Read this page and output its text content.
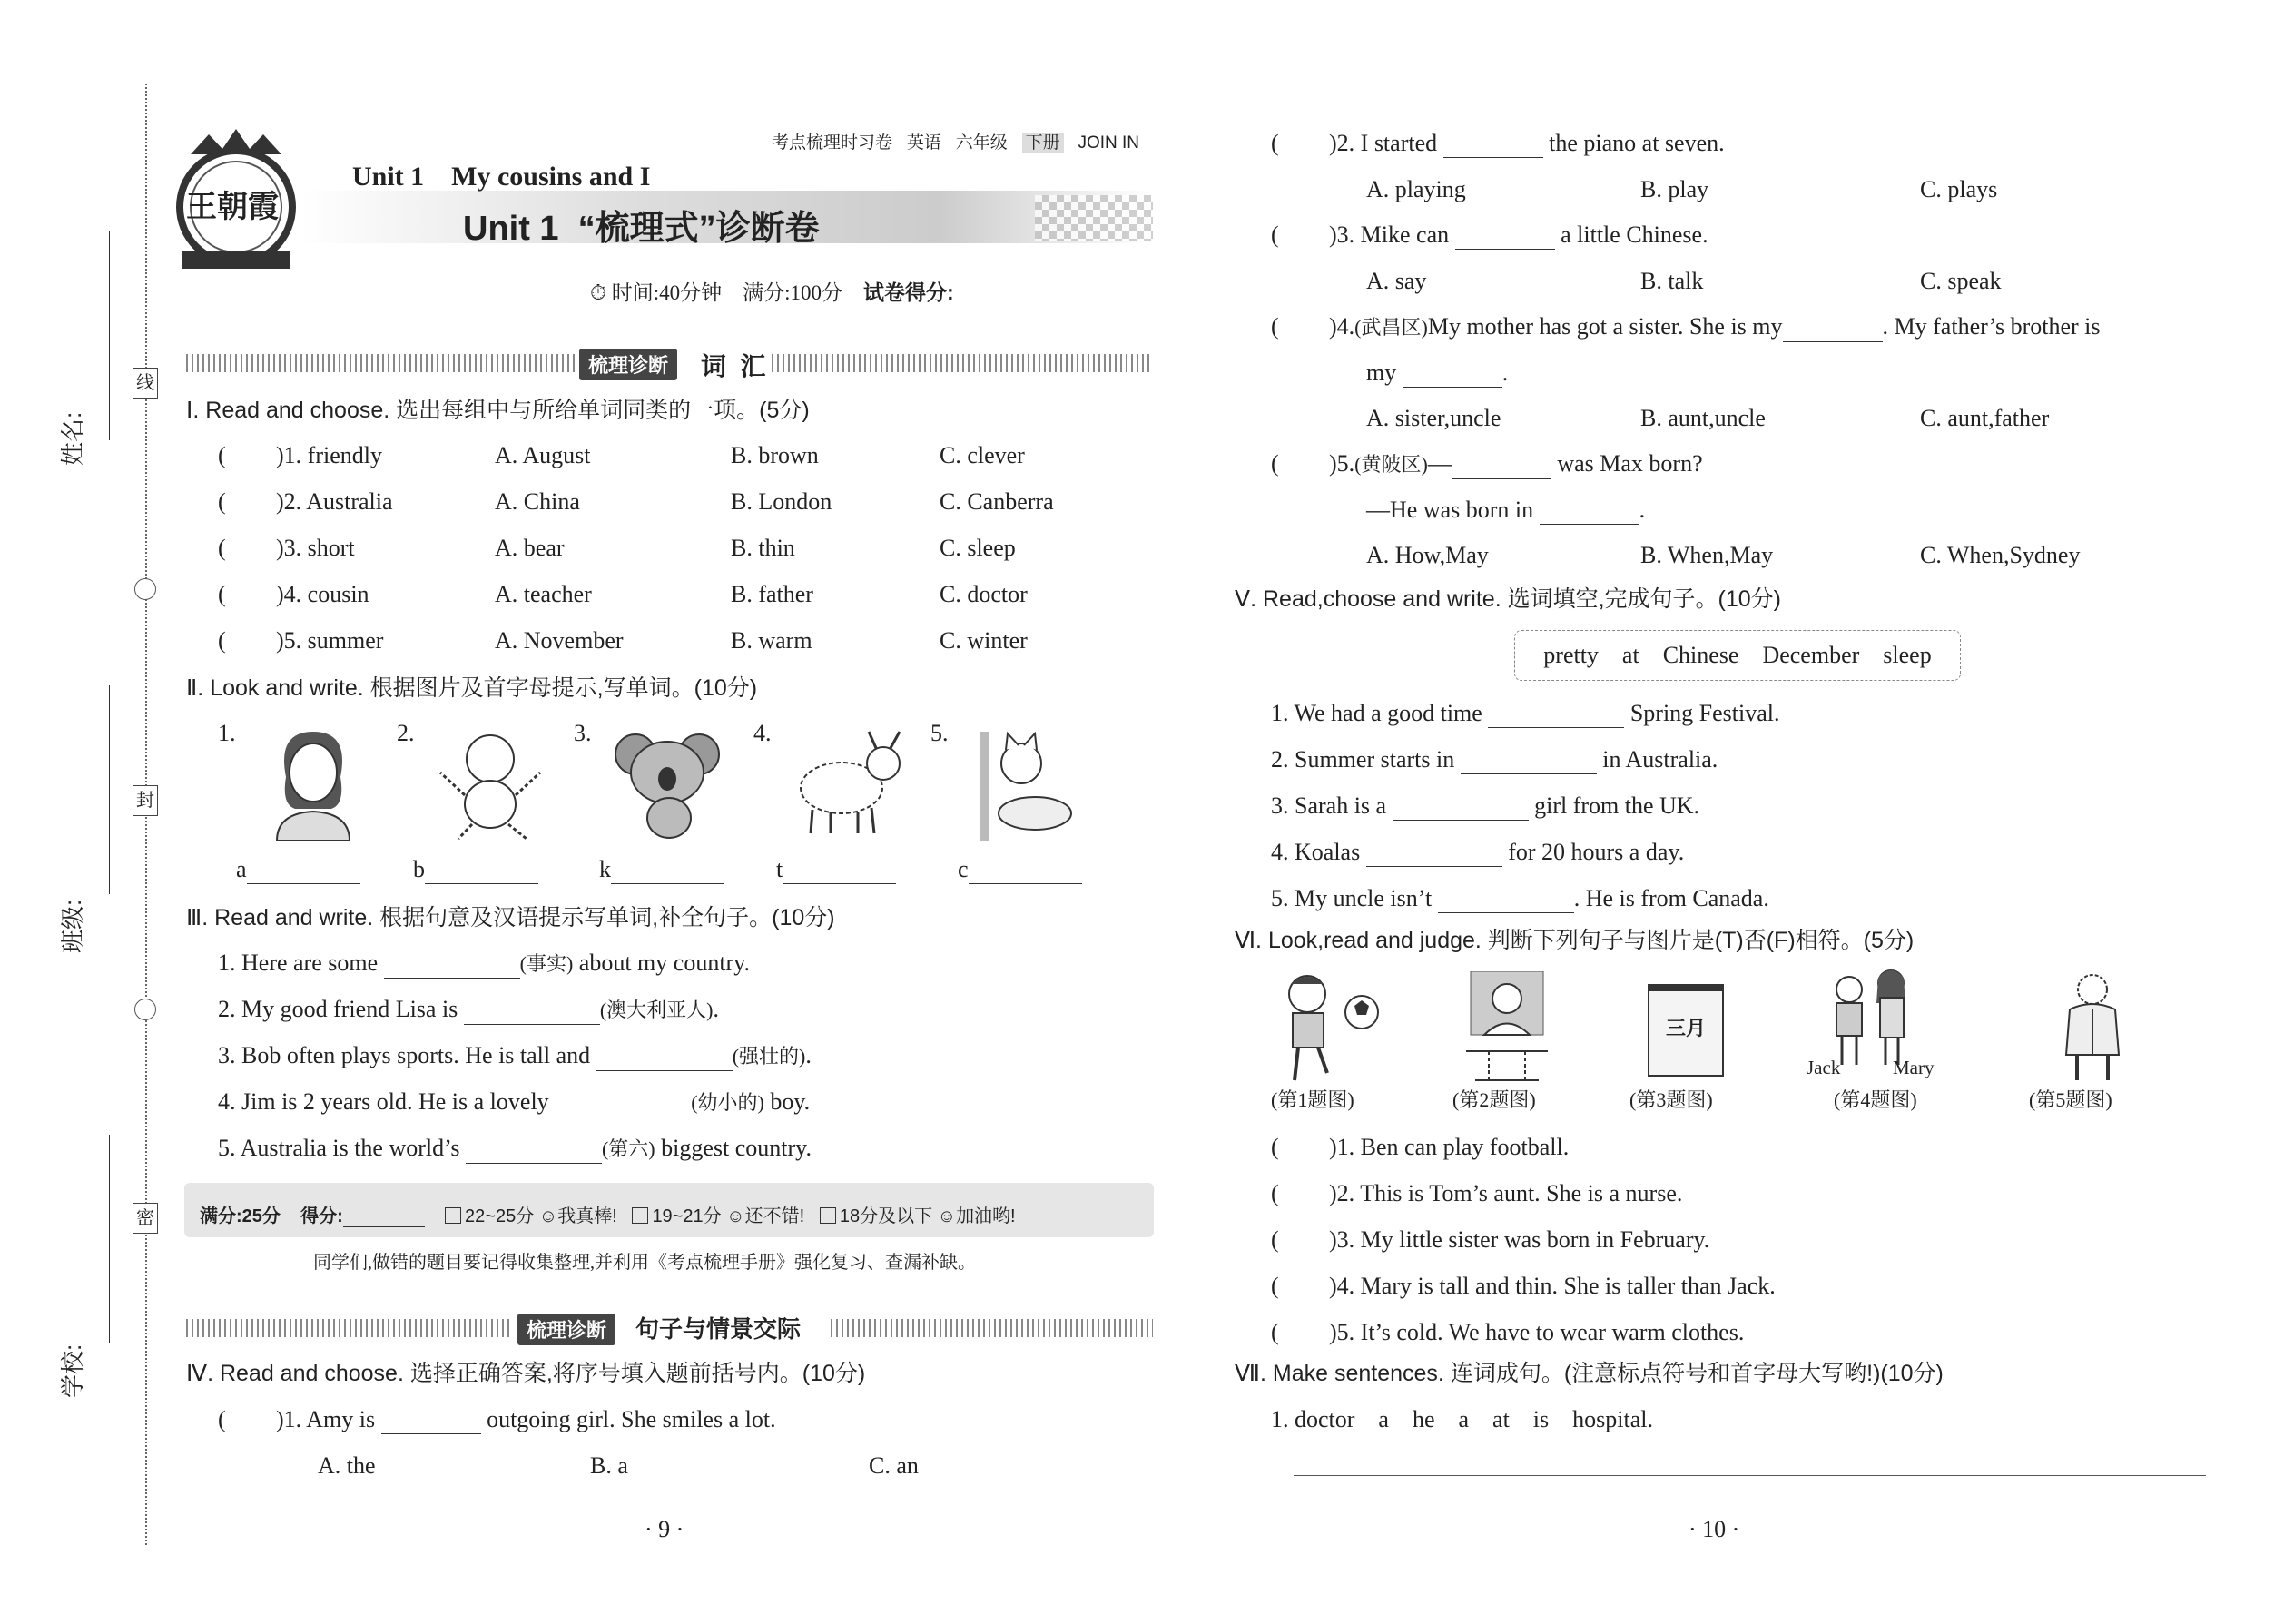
线
封
密
姓名:
班级:
学校:
王朝霞
考点梳理时习卷 英语 六年级 下册 JOIN IN
Unit 1    My cousins and I
Unit 1  “梳理式”诊断卷
⏱ 时间:40分钟 满分:100分 试卷得分:
梳理诊断	词  汇
Ⅰ. Read and choose. 选出每组中与所给单词同类的一项。(5分)
( )1. friendly	A. August	B. brown	C. clever
( )2. Australia	A. China	B. London	C. Canberra
( )3. short	A. bear	B. thin	C. sleep
( )4. cousin	A. teacher	B. father	C. doctor
( )5. summer	A. November	B. warm	C. winter
Ⅱ. Look and write. 根据图片及首字母提示,写单词。(10分)
1.	2.	3.	4.	5.
a	b	k	t	c
Ⅲ. Read and write. 根据句意及汉语提示写单词,补全句子。(10分)
1. Here are some	(事实) about my country.
2. My good friend Lisa is	(澳大利亚人).
3. Bob often plays sports. He is tall and	(强壮的).
4. Jim is 2 years old. He is a lovely	(幼小的) boy.
5. Australia is the world’s	(第六) biggest country.
满分:25分 得分:	22~25分 ☺我真棒! 19~21分 ☺还不错! 18分及以下 ☺加油哟!
同学们,做错的题目要记得收集整理,并利用《考点梳理手册》强化复习、查漏补缺。
梳理诊断	句子与情景交际
Ⅳ. Read and choose. 选择正确答案,将序号填入题前括号内。(10分)
( )1. Amy is	outgoing girl. She smiles a lot.
A. the	B. a	C. an
· 9 ·
( )2. I started	the piano at seven.
A. playing	B. play	C. plays
( )3. Mike can	a little Chinese.
A. say	B. talk	C. speak
( )4.(武昌区)My mother has got a sister. She is my	. My father’s brother is
my	.
A. sister,uncle	B. aunt,uncle	C. aunt,father
( )5.(黄陂区)—	was Max born?
—He was born in	.
A. How,May	B. When,May	C. When,Sydney
Ⅴ. Read,choose and write. 选词填空,完成句子。(10分)
pretty    at    Chinese    December    sleep
1. We had a good time	Spring Festival.
2. Summer starts in	in Australia.
3. Sarah is a	girl from the UK.
4. Koalas	for 20 hours a day.
5. My uncle isn’t	. He is from Canada.
Ⅵ. Look,read and judge. 判断下列句子与图片是(T)否(F)相符。(5分)
(第1题图)	(第2题图)
三月
(第3题图)
Jack	Mary
(第4题图)	(第5题图)
( )1. Ben can play football.
( )2. This is Tom’s aunt. She is a nurse.
( )3. My little sister was born in February.
( )4. Mary is tall and thin. She is taller than Jack.
( )5. It’s cold. We have to wear warm clothes.
Ⅶ. Make sentences. 连词成句。(注意标点符号和首字母大写哟!)(10分)
1. doctor    a    he    a    at    is    hospital.
· 10 ·
